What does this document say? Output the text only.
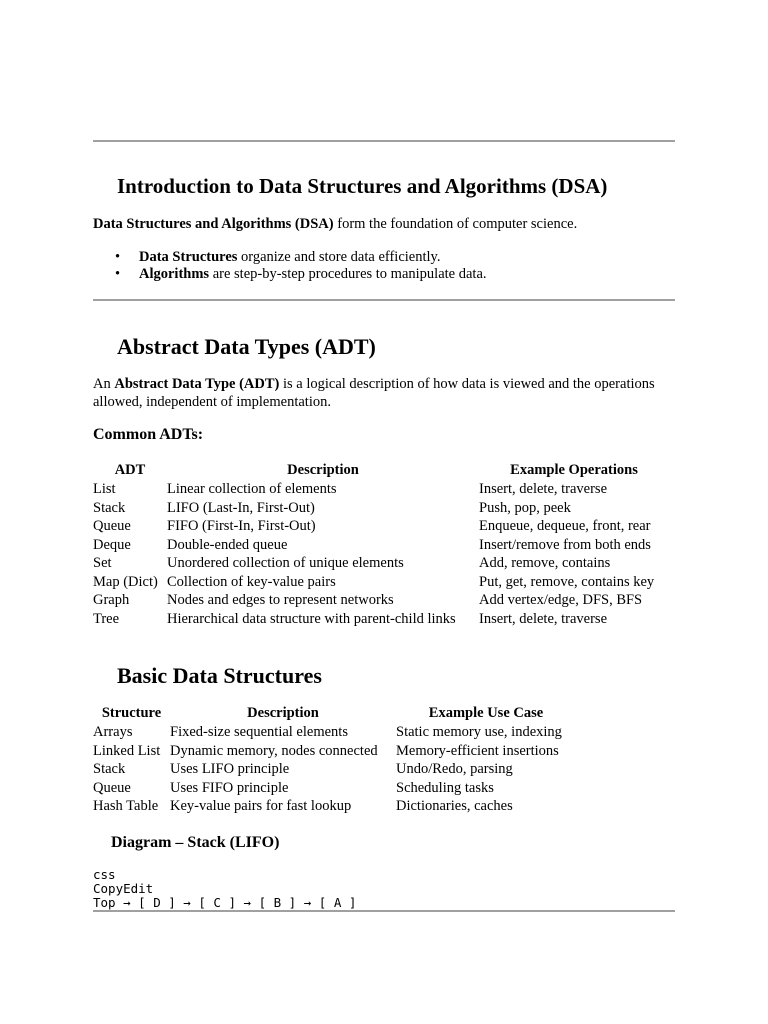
Introduction to Data Structures and Algorithms (DSA)

Data Structures and Algorithms (DSA) form the foundation of computer science.

• Data Structures organize and store data efficiently.
• Algorithms are step-by-step procedures to manipulate data.
Abstract Data Types (ADT)

An Abstract Data Type (ADT) is a logical description of how data is viewed and the operations allowed, independent of implementation.

Common ADTs:
ADT	Description	Example Operations
List	Linear collection of elements	Insert, delete, traverse
Stack	LIFO (Last-In, First-Out)	Push, pop, peek
Queue	FIFO (First-In, First-Out)	Enqueue, dequeue, front, rear
Deque	Double-ended queue	Insert/remove from both ends
Set	Unordered collection of unique elements	Add, remove, contains
Map (Dict)	Collection of key-value pairs	Put, get, remove, contains key
Graph	Nodes and edges to represent networks	Add vertex/edge, DFS, BFS
Tree	Hierarchical data structure with parent-child links	Insert, delete, traverse
Basic Data Structures
Structure	Description	Example Use Case
Arrays	Fixed-size sequential elements	Static memory use, indexing
Linked List	Dynamic memory, nodes connected	Memory-efficient insertions
Stack	Uses LIFO principle	Undo/Redo, parsing
Queue	Uses FIFO principle	Scheduling tasks
Hash Table	Key-value pairs for fast lookup	Dictionaries, caches
Diagram – Stack (LIFO)
css
CopyEdit
Top → [ D ] → [ C ] → [ B ] → [ A ]
